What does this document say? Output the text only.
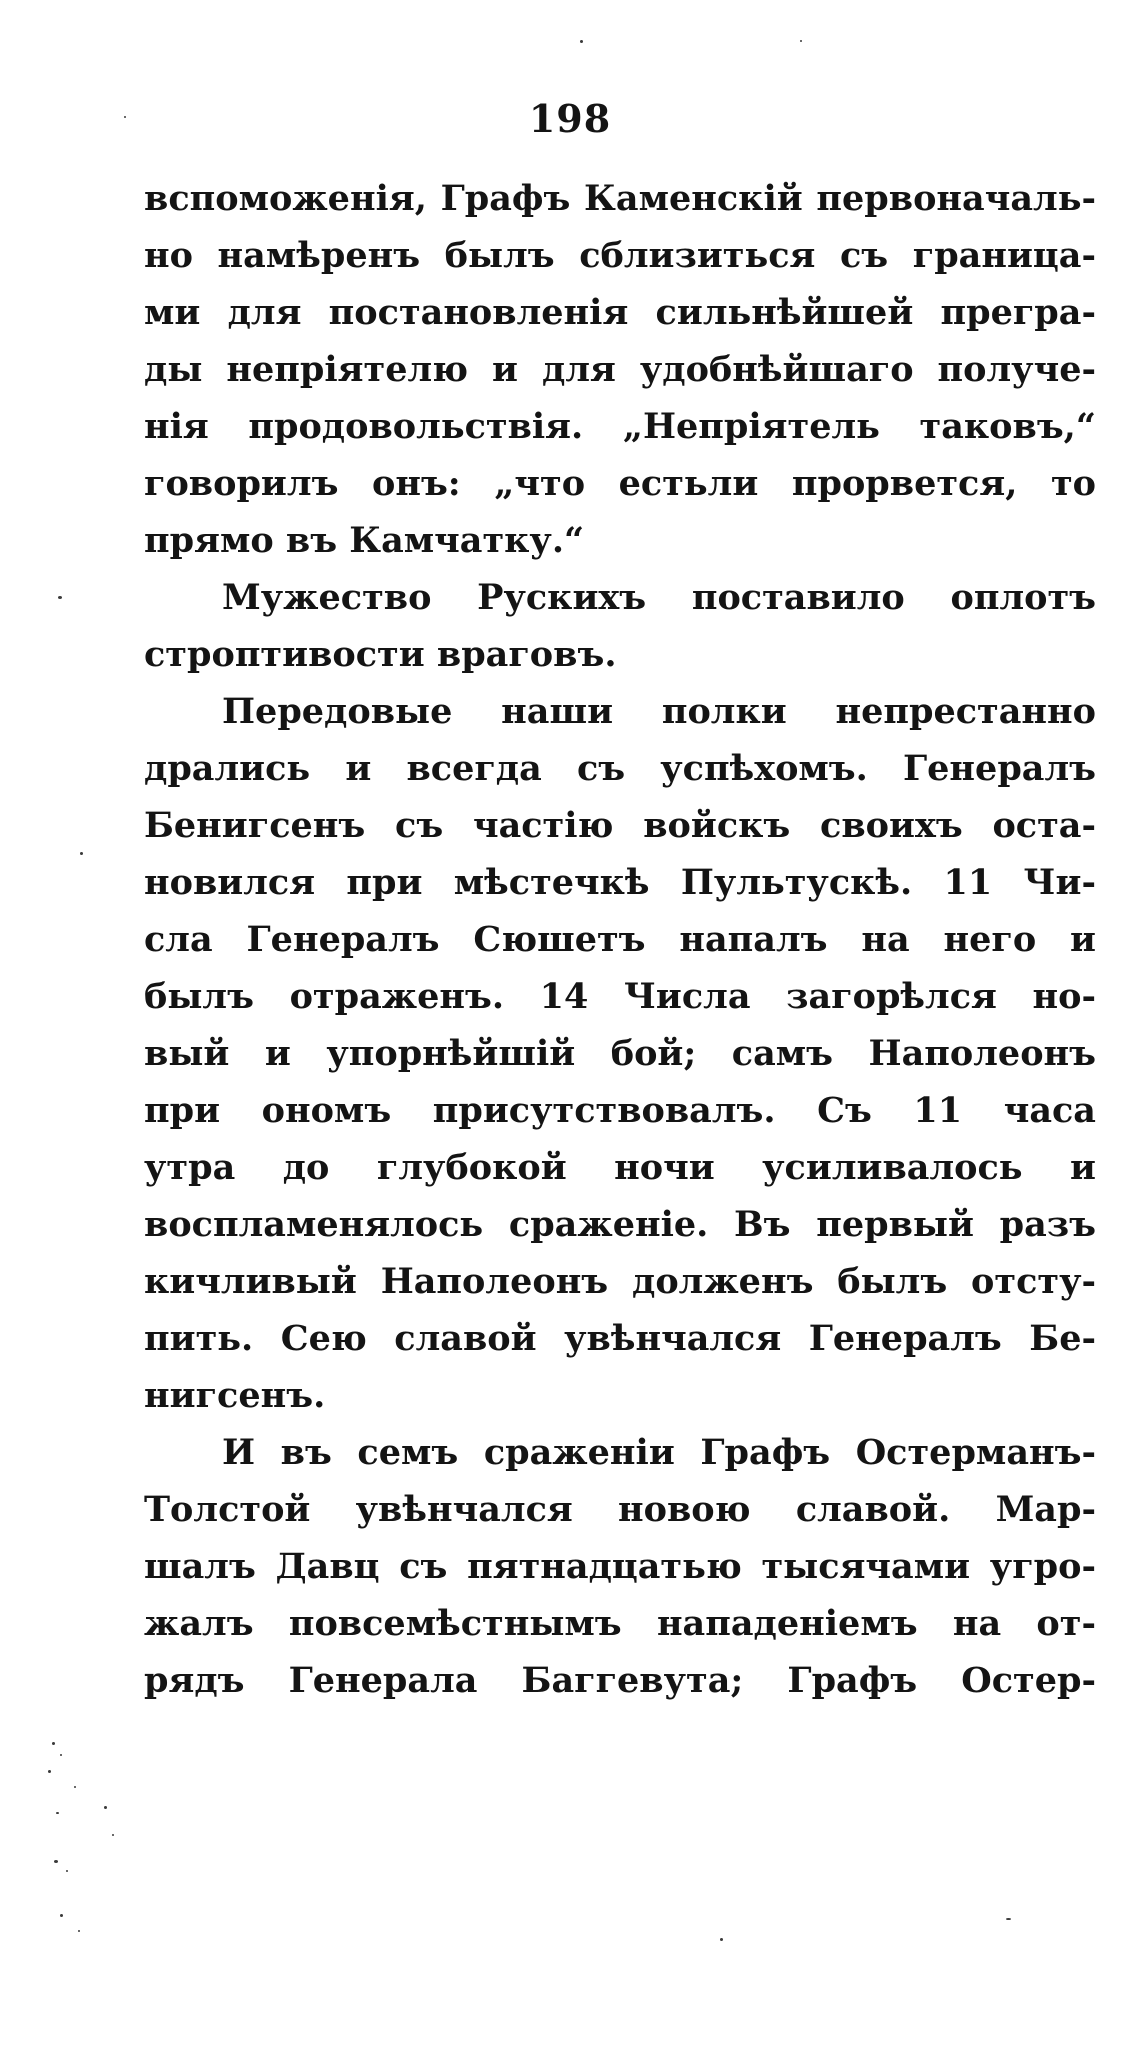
198
вспоможенія, Графъ Каменскій первоначаль-
но намѣренъ былъ сблизиться съ граница-
ми для постановленія сильнѣйшей прегра-
ды непріятелю и для удобнѣйшаго получе-
нія продовольствія. „Непріятель таковъ,“
говорилъ онъ: „что естьли прорвется, то
прямо въ Камчатку.“
Мужество Рускихъ поставило оплотъ
строптивости враговъ.
Передовые наши полки непрестанно
дрались и всегда съ успѣхомъ. Генералъ
Бенигсенъ съ частію войскъ своихъ оста-
новился при мѣстечкѣ Пультускѣ. 11 Чи-
сла Генералъ Сюшетъ напалъ на него и
былъ отраженъ. 14 Числа загорѣлся но-
вый и упорнѣйшій бой; самъ Наполеонъ
при ономъ присутствовалъ. Съ 11 часа
утра до глубокой ночи усиливалось и
воспламенялось сраженіе. Въ первый разъ
кичливый Наполеонъ долженъ былъ отсту-
пить. Сею славой увѣнчался Генералъ Бе-
нигсенъ.
И въ семъ сраженіи Графъ Остерманъ-
Толстой увѣнчался новою славой. Мар-
шалъ Давц съ пятнадцатью тысячами угро-
жалъ повсемѣстнымъ нападеніемъ на от-
рядъ Генерала Баггевута; Графъ Остер-
